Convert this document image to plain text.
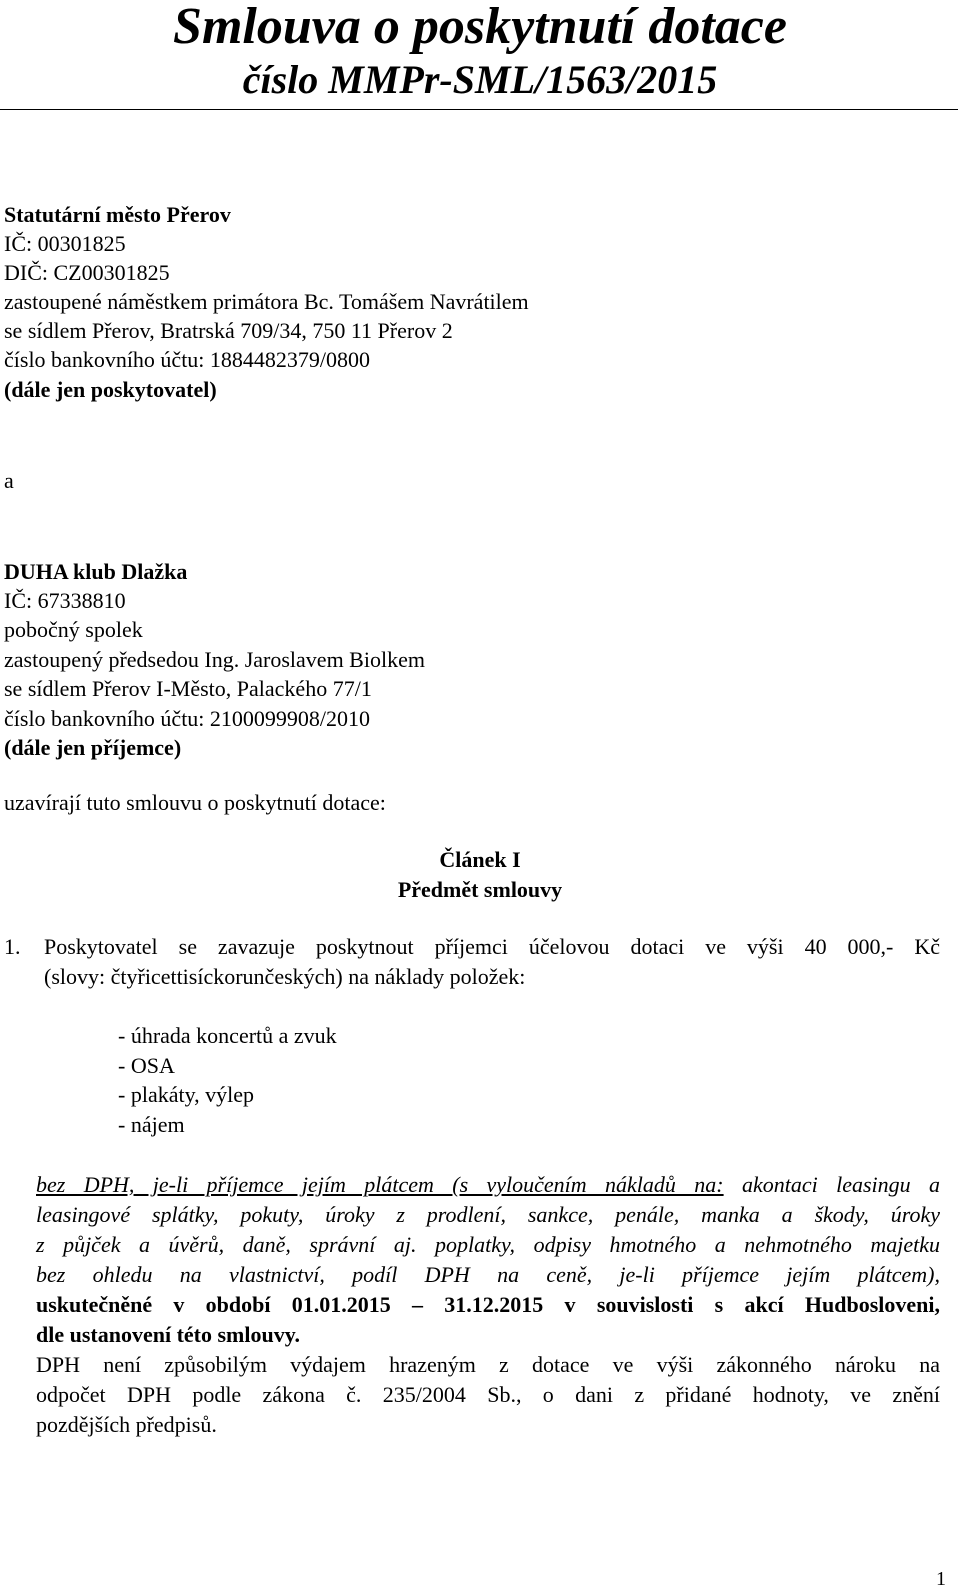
Smlouva o poskytnutí dotace
číslo MMPr-SML/1563/2015
Statutární město Přerov
IČ: 00301825
DIČ: CZ00301825
zastoupené náměstkem primátora Bc. Tomášem Navrátilem
se sídlem Přerov, Bratrská 709/34, 750 11 Přerov 2
číslo bankovního účtu: 1884482379/0800
(dále jen poskytovatel)
a
DUHA klub Dlažka
IČ: 67338810
pobočný spolek
zastoupený předsedou Ing. Jaroslavem Biolkem
se sídlem Přerov I-Město, Palackého 77/1
číslo bankovního účtu: 2100099908/2010
(dále jen příjemce)
uzavírají tuto smlouvu o poskytnutí dotace:
Článek I
Předmět smlouvy
1. Poskytovatel se zavazuje poskytnout příjemci účelovou dotaci ve výši 40 000,- Kč
(slovy: čtyřicettisíckorunčeských) na náklady položek:
- úhrada koncertů a zvuk
- OSA
- plakáty, výlep
- nájem
bez DPH, je-li příjemce jejím plátcem (s vyloučením nákladů na: akontaci leasingu a
leasingové splátky, pokuty, úroky z prodlení, sankce, penále, manka a škody, úroky
z půjček a úvěrů, daně, správní aj. poplatky, odpisy hmotného a nehmotného majetku
bez ohledu na vlastnictví, podíl DPH na ceně, je-li příjemce jejím plátcem),
uskutečněné v období 01.01.2015 – 31.12.2015 v souvislosti s akcí Hudbosloveni,
dle ustanovení této smlouvy.
DPH není způsobilým výdajem hrazeným z dotace ve výši zákonného nároku na
odpočet DPH podle zákona č. 235/2004 Sb., o dani z přidané hodnoty, ve znění
pozdějších předpisů.
1
